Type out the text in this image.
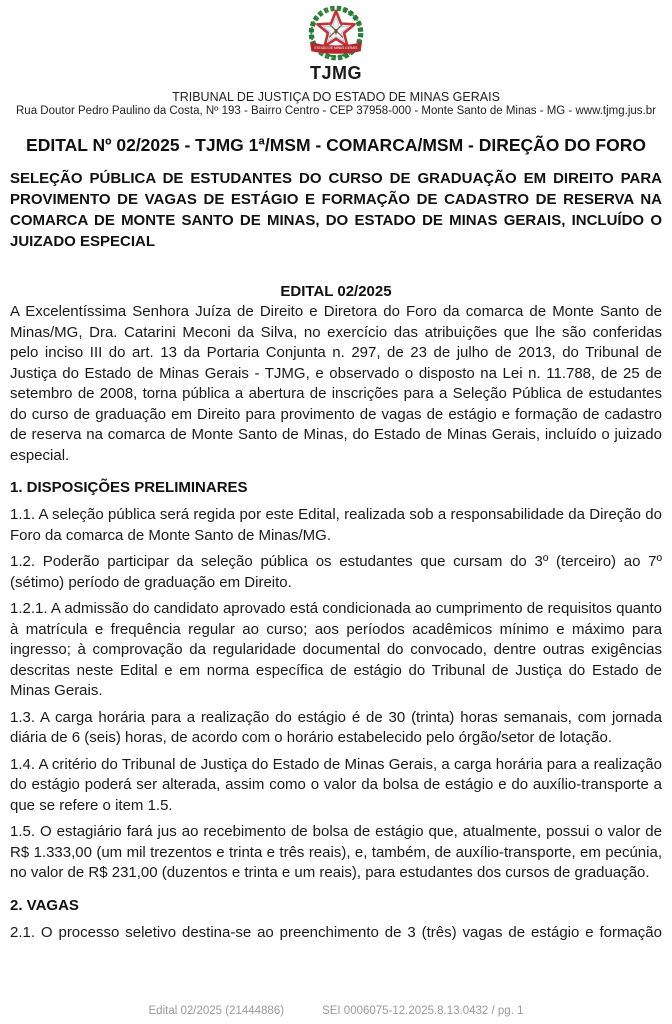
ESTADO DE MINAS GERAIS
TJMG
TRIBUNAL DE JUSTIÇA DO ESTADO DE MINAS GERAIS
Rua Doutor Pedro Paulino da Costa, Nº 193 - Bairro Centro - CEP 37958-000 - Monte Santo de Minas - MG - www.tjmg.jus.br
EDITAL Nº 02/2025 - TJMG 1ª/MSM - COMARCA/MSM - DIREÇÃO DO FORO

SELEÇÃO PÚBLICA DE ESTUDANTES DO CURSO DE GRADUAÇÃO EM DIREITO PARA PROVIMENTO DE VAGAS DE ESTÁGIO E FORMAÇÃO DE CADASTRO DE RESERVA NA COMARCA DE MONTE SANTO DE MINAS, DO ESTADO DE MINAS GERAIS, INCLUÍDO O JUIZADO ESPECIAL

EDITAL 02/2025

A Excelentíssima Senhora Juíza de Direito e Diretora do Foro da comarca de Monte Santo de Minas/MG, Dra. Catarini Meconi da Silva, no exercício das atribuições que lhe são conferidas pelo inciso III do art. 13 da Portaria Conjunta n. 297, de 23 de julho de 2013, do Tribunal de Justiça do Estado de Minas Gerais - TJMG, e observado o disposto na Lei n. 11.788, de 25 de setembro de 2008, torna pública a abertura de inscrições para a Seleção Pública de estudantes do curso de graduação em Direito para provimento de vagas de estágio e formação de cadastro de reserva na comarca de Monte Santo de Minas, do Estado de Minas Gerais, incluído o juizado especial.

1. DISPOSIÇÕES PRELIMINARES

1.1. A seleção pública será regida por este Edital, realizada sob a responsabilidade da Direção do Foro da comarca de Monte Santo de Minas/MG.

1.2. Poderão participar da seleção pública os estudantes que cursam do 3º (terceiro) ao 7º (sétimo) período de graduação em Direito.

1.2.1. A admissão do candidato aprovado está condicionada ao cumprimento de requisitos quanto à matrícula e frequência regular ao curso; aos períodos acadêmicos mínimo e máximo para ingresso; à comprovação da regularidade documental do convocado, dentre outras exigências descritas neste Edital e em norma específica de estágio do Tribunal de Justiça do Estado de Minas Gerais.

1.3. A carga horária para a realização do estágio é de 30 (trinta) horas semanais, com jornada diária de 6 (seis) horas, de acordo com o horário estabelecido pelo órgão/setor de lotação.

1.4. A critério do Tribunal de Justiça do Estado de Minas Gerais, a carga horária para a realização do estágio poderá ser alterada, assim como o valor da bolsa de estágio e do auxílio-transporte a que se refere o item 1.5.

1.5. O estagiário fará jus ao recebimento de bolsa de estágio que, atualmente, possui o valor de R$ 1.333,00 (um mil trezentos e trinta e três reais), e, também, de auxílio-transporte, em pecúnia, no valor de R$ 231,00 (duzentos e trinta e um reais), para estudantes dos cursos de graduação.

2. VAGAS

2.1. O processo seletivo destina-se ao preenchimento de 3 (três) vagas de estágio e formação

Edital 02/2025 (21444886)	SEI 0006075-12.2025.8.13.0432 / pg. 1
